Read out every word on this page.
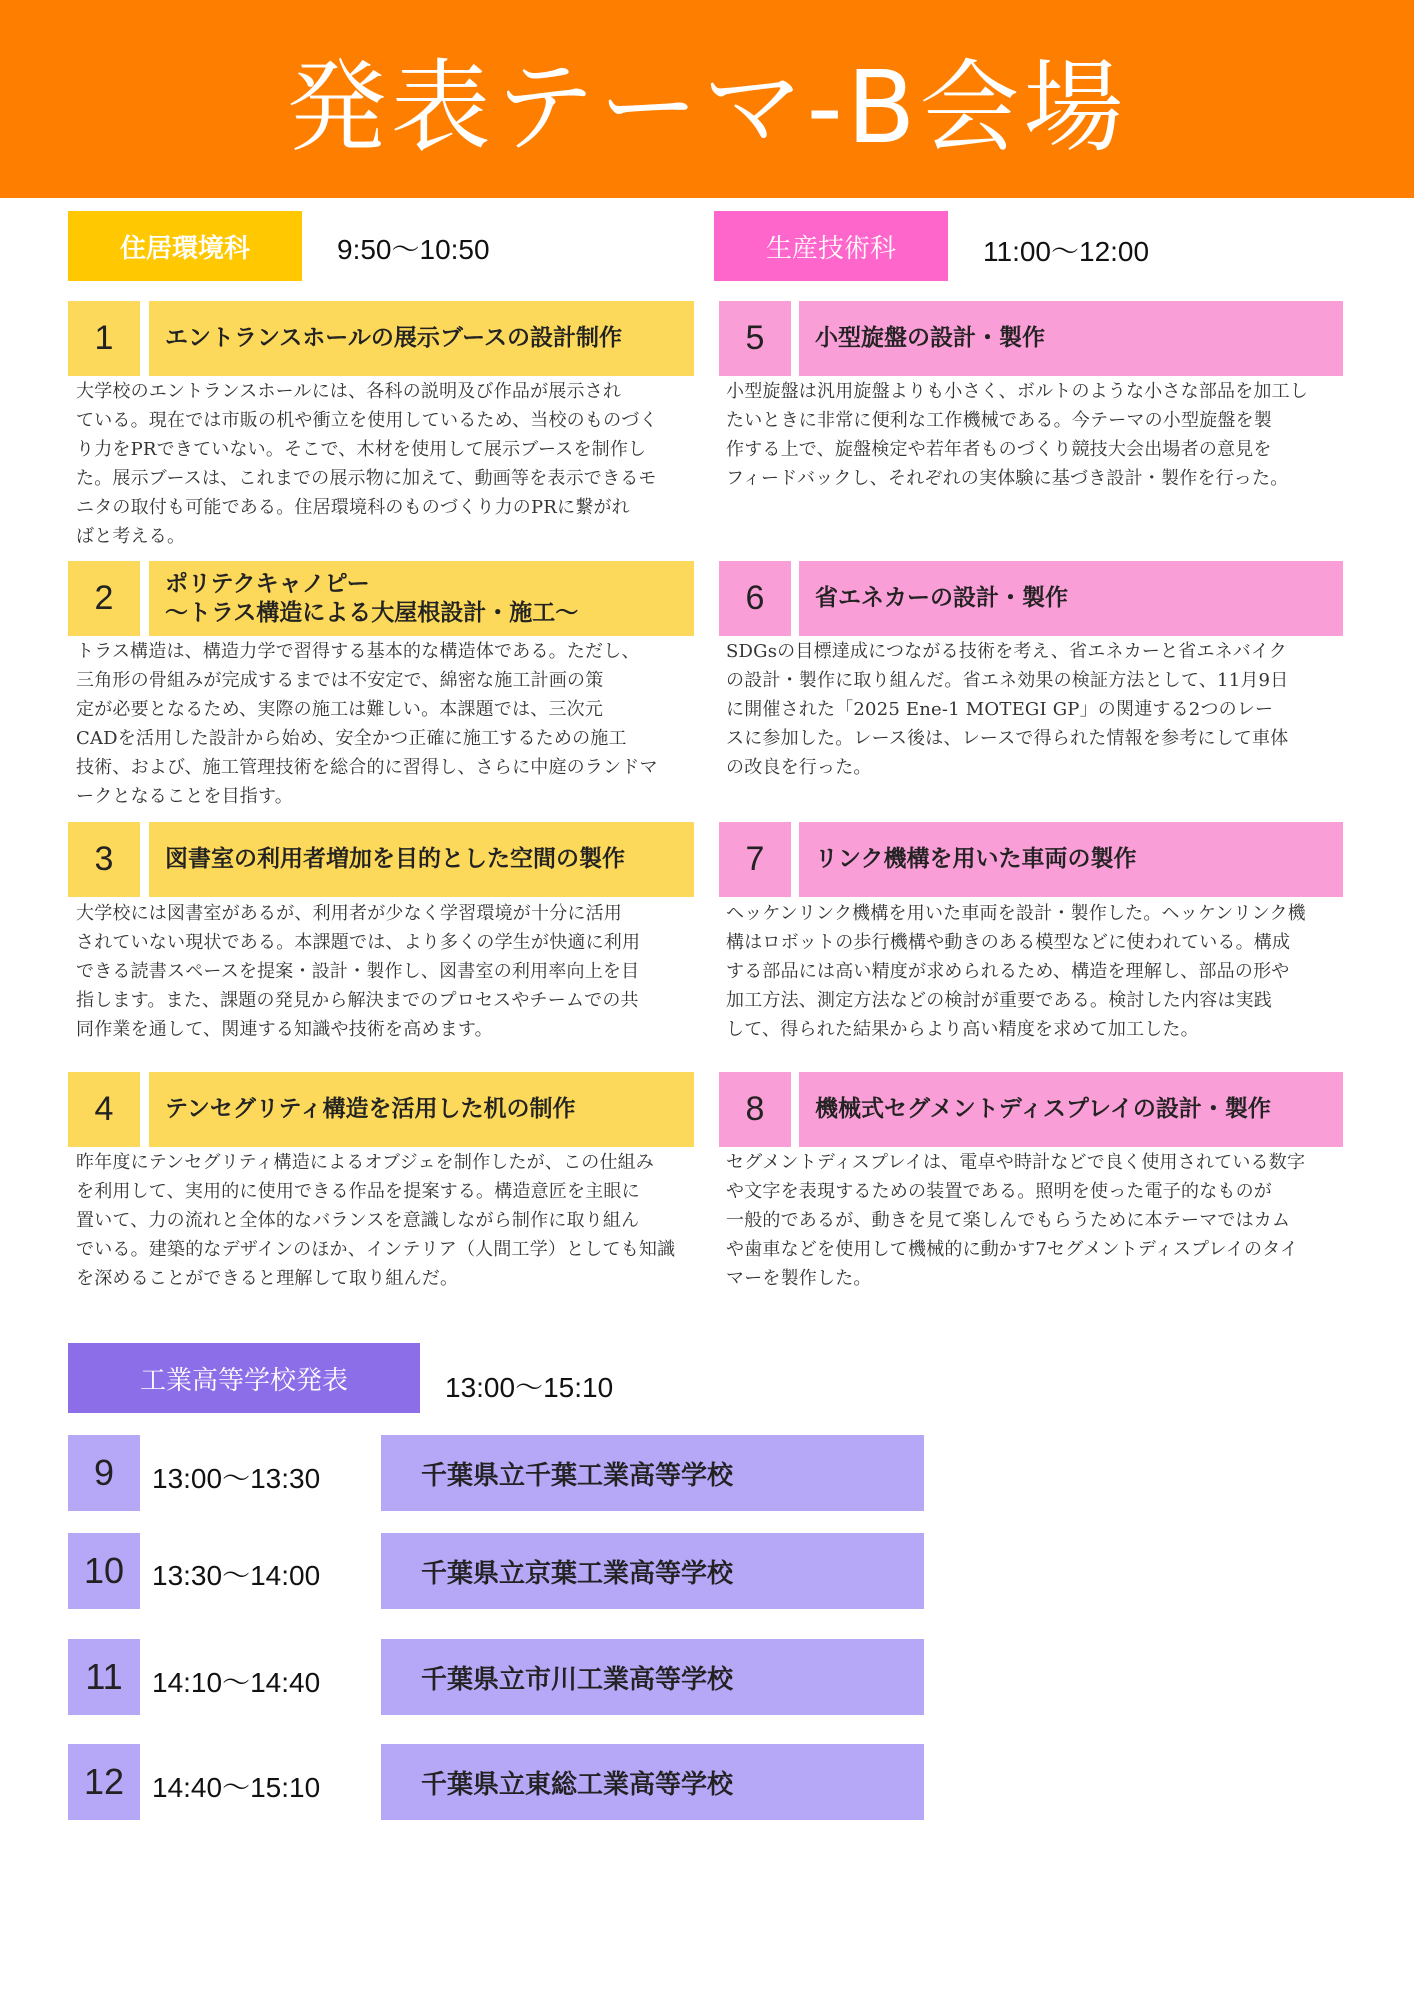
発表テーマ-B会場
住居環境科	9:50〜10:50	生産技術科	11:00〜12:00
1	エントランスホールの展示ブースの設計制作
大学校のエントランスホールには、各科の説明及び作品が展示され
ている。現在では市販の机や衝立を使用しているため、当校のものづく
り力をPRできていない。そこで、木材を使用して展示ブースを制作し
た。展示ブースは、これまでの展示物に加えて、動画等を表示できるモ
ニタの取付も可能である。住居環境科のものづくり力のPRに繋がれ
ばと考える。
2	ポリテクキャノピー
〜トラス構造による大屋根設計・施工〜
トラス構造は、構造力学で習得する基本的な構造体である。ただし、
三角形の骨組みが完成するまでは不安定で、綿密な施工計画の策
定が必要となるため、実際の施工は難しい。本課題では、三次元
CADを活用した設計から始め、安全かつ正確に施工するための施工
技術、および、施工管理技術を総合的に習得し、さらに中庭のランドマ
ークとなることを目指す。
3	図書室の利用者増加を目的とした空間の製作
大学校には図書室があるが、利用者が少なく学習環境が十分に活用
されていない現状である。本課題では、より多くの学生が快適に利用
できる読書スペースを提案・設計・製作し、図書室の利用率向上を目
指します。また、課題の発見から解決までのプロセスやチームでの共
同作業を通して、関連する知識や技術を高めます。
4	テンセグリティ構造を活用した机の制作
昨年度にテンセグリティ構造によるオブジェを制作したが、この仕組み
を利用して、実用的に使用できる作品を提案する。構造意匠を主眼に
置いて、力の流れと全体的なバランスを意識しながら制作に取り組ん
でいる。建築的なデザインのほか、インテリア（人間工学）としても知識
を深めることができると理解して取り組んだ。
5	小型旋盤の設計・製作
小型旋盤は汎用旋盤よりも小さく、ボルトのような小さな部品を加工し
たいときに非常に便利な工作機械である。今テーマの小型旋盤を製
作する上で、旋盤検定や若年者ものづくり競技大会出場者の意見を
フィードバックし、それぞれの実体験に基づき設計・製作を行った。
6	省エネカーの設計・製作
SDGsの目標達成につながる技術を考え、省エネカーと省エネバイク
の設計・製作に取り組んだ。省エネ効果の検証方法として、11月9日
に開催された「2025 Ene-1 MOTEGI GP」の関連する2つのレー
スに参加した。レース後は、レースで得られた情報を参考にして車体
の改良を行った。
7	リンク機構を用いた車両の製作
ヘッケンリンク機構を用いた車両を設計・製作した。ヘッケンリンク機
構はロボットの歩行機構や動きのある模型などに使われている。構成
する部品には高い精度が求められるため、構造を理解し、部品の形や
加工方法、測定方法などの検討が重要である。検討した内容は実践
して、得られた結果からより高い精度を求めて加工した。
8	機械式セグメントディスプレイの設計・製作
セグメントディスプレイは、電卓や時計などで良く使用されている数字
や文字を表現するための装置である。照明を使った電子的なものが
一般的であるが、動きを見て楽しんでもらうために本テーマではカム
や歯車などを使用して機械的に動かす7セグメントディスプレイのタイ
マーを製作した。
工業高等学校発表	13:00〜15:10
9	13:00〜13:30	千葉県立千葉工業高等学校
10 13:30〜14:00	千葉県立京葉工業高等学校
11	14:10〜14:40	千葉県立市川工業高等学校
12 14:40〜15:10	千葉県立東総工業高等学校
